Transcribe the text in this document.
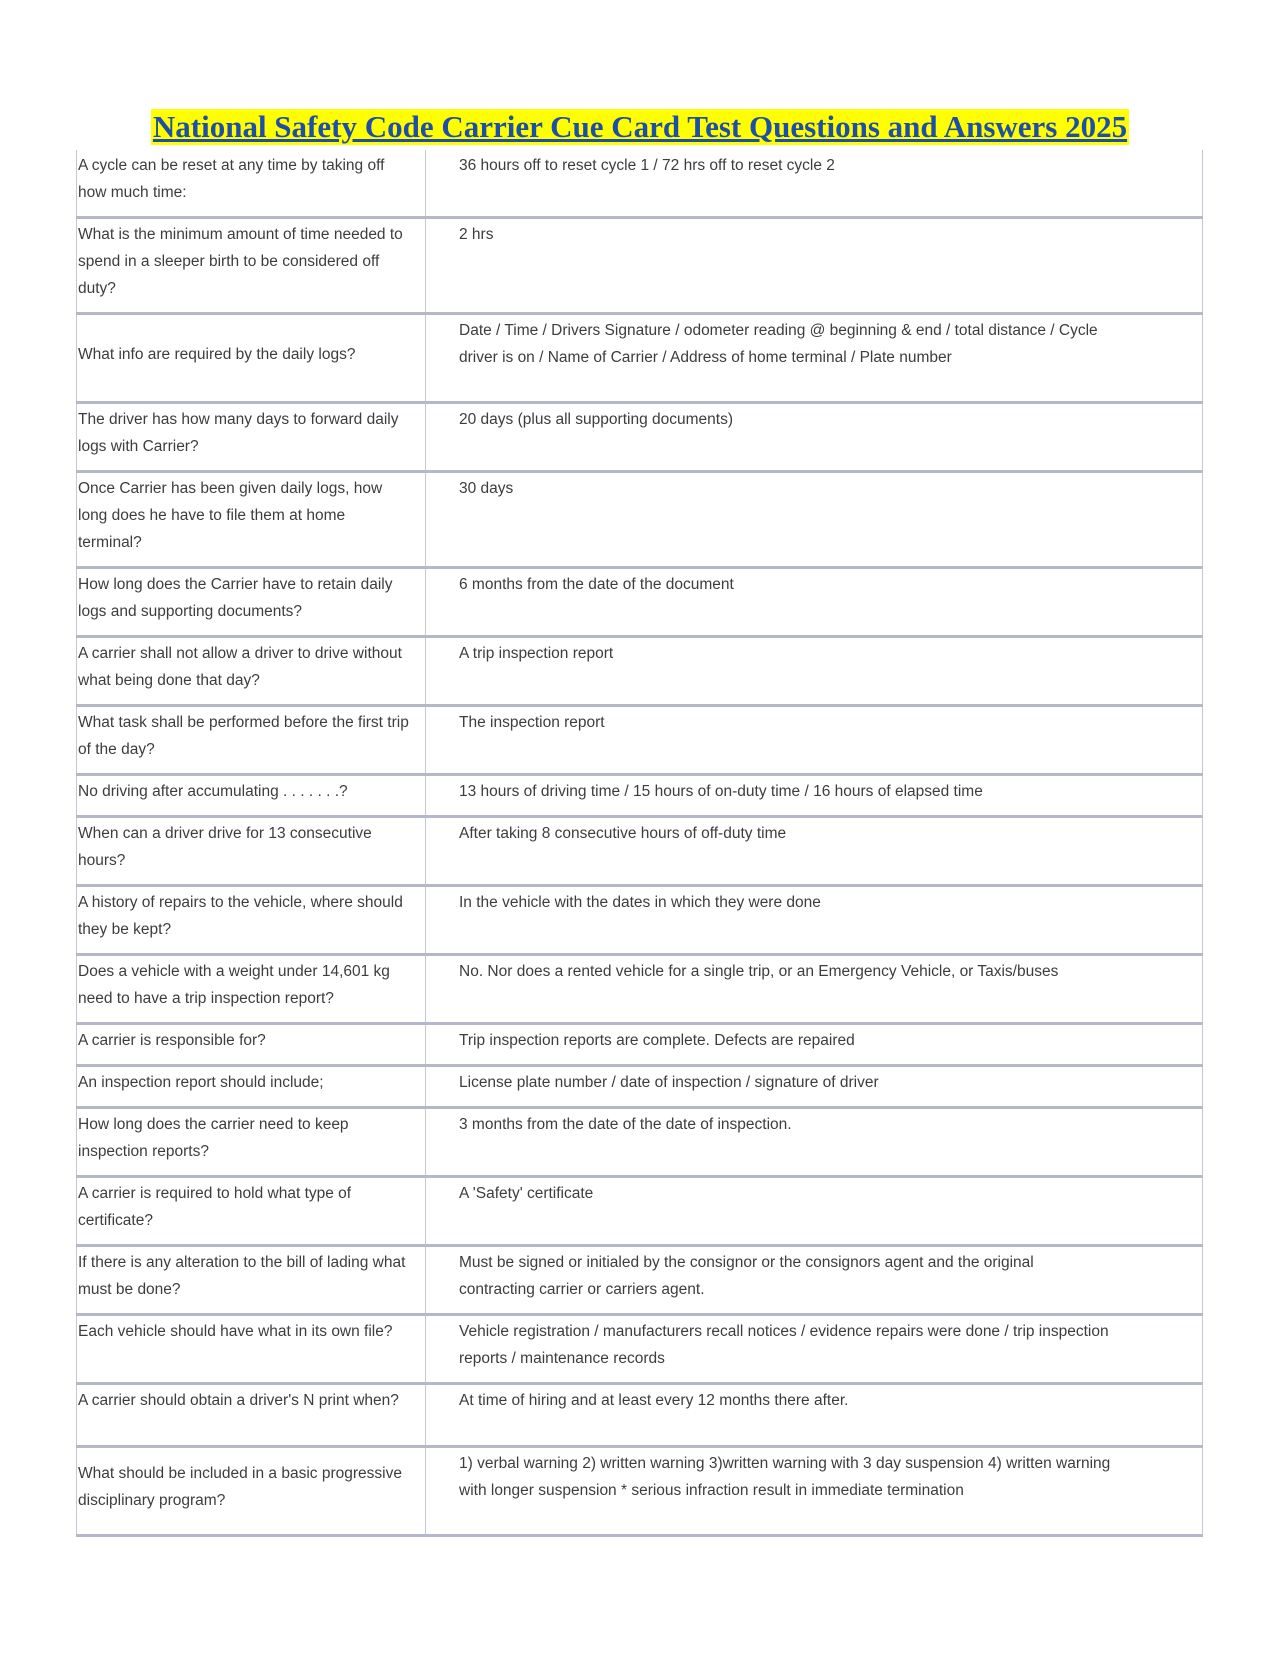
National Safety Code Carrier Cue Card Test Questions and Answers 2025
A cycle can be reset at any time by taking off how much time:	36 hours off to reset cycle 1 / 72 hrs off to reset cycle 2
What is the minimum amount of time needed to spend in a sleeper birth to be considered off duty?	2 hrs
What info are required by the daily logs?	Date / Time / Drivers Signature / odometer reading @ beginning & end / total distance / Cycle driver is on / Name of Carrier / Address of home terminal / Plate number
The driver has how many days to forward daily logs with Carrier?	20 days (plus all supporting documents)
Once Carrier has been given daily logs, how long does he have to file them at home terminal?	30 days
How long does the Carrier have to retain daily logs and supporting documents?	6 months from the date of the document
A carrier shall not allow a driver to drive without what being done that day?	A trip inspection report
What task shall be performed before the first trip of the day?	The inspection report
No driving after accumulating . . . . . . .?	13 hours of driving time / 15 hours of on-duty time / 16 hours of elapsed time
When can a driver drive for 13 consecutive hours?	After taking 8 consecutive hours of off-duty time
A history of repairs to the vehicle, where should they be kept?	In the vehicle with the dates in which they were done
Does a vehicle with a weight under 14,601 kg need to have a trip inspection report?	No. Nor does a rented vehicle for a single trip, or an Emergency Vehicle, or Taxis/buses
A carrier is responsible for?	Trip inspection reports are complete. Defects are repaired
An inspection report should include;	License plate number / date of inspection / signature of driver
How long does the carrier need to keep inspection reports?	3 months from the date of the date of inspection.
A carrier is required to hold what type of certificate?	A 'Safety' certificate
If there is any alteration to the bill of lading what must be done?	Must be signed or initialed by the consignor or the consignors agent and the original contracting carrier or carriers agent.
Each vehicle should have what in its own file?	Vehicle registration / manufacturers recall notices / evidence repairs were done / trip inspection reports / maintenance records
A carrier should obtain a driver's N print when?	At time of hiring and at least every 12 months there after.
What should be included in a basic progressive disciplinary program?	1) verbal warning 2) written warning 3)written warning with 3 day suspension 4) written warning with longer suspension * serious infraction result in immediate termination
